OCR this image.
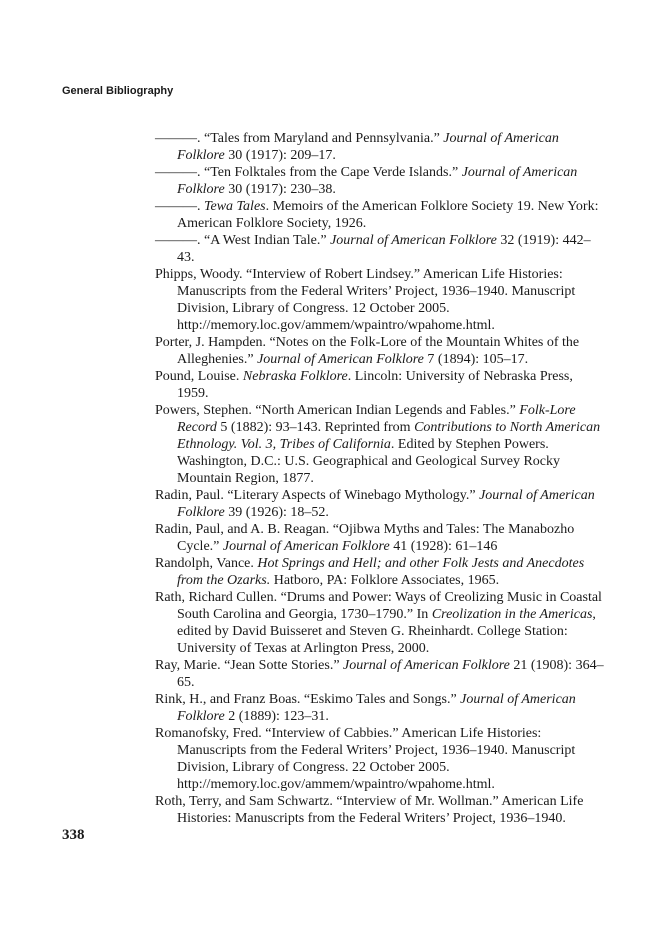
General Bibliography

———. “Tales from Maryland and Pennsylvania.” Journal of American Folklore 30 (1917): 209–17.

———. “Ten Folktales from the Cape Verde Islands.” Journal of American Folklore 30 (1917): 230–38.

———. Tewa Tales. Memoirs of the American Folklore Society 19. New York: American Folklore Society, 1926.

———. “A West Indian Tale.” Journal of American Folklore 32 (1919): 442–43.

Phipps, Woody. “Interview of Robert Lindsey.” American Life Histories: Manuscripts from the Federal Writers’ Project, 1936–1940. Manuscript Division, Library of Congress. 12 October 2005. http://memory.loc.gov/ammem/wpaintro/wpahome.html.

Porter, J. Hampden. “Notes on the Folk-Lore of the Mountain Whites of the Alleghenies.” Journal of American Folklore 7 (1894): 105–17.

Pound, Louise. Nebraska Folklore. Lincoln: University of Nebraska Press, 1959.

Powers, Stephen. “North American Indian Legends and Fables.” Folk-Lore Record 5 (1882): 93–143. Reprinted from Contributions to North American Ethnology. Vol. 3, Tribes of California. Edited by Stephen Powers. Washington, D.C.: U.S. Geographical and Geological Survey Rocky Mountain Region, 1877.

Radin, Paul. “Literary Aspects of Winebago Mythology.” Journal of American Folklore 39 (1926): 18–52.

Radin, Paul, and A. B. Reagan. “Ojibwa Myths and Tales: The Manabozho Cycle.” Journal of American Folklore 41 (1928): 61–146

Randolph, Vance. Hot Springs and Hell; and other Folk Jests and Anecdotes from the Ozarks. Hatboro, PA: Folklore Associates, 1965.

Rath, Richard Cullen. “Drums and Power: Ways of Creolizing Music in Coastal South Carolina and Georgia, 1730–1790.” In Creolization in the Americas, edited by David Buisseret and Steven G. Rheinhardt. College Station: University of Texas at Arlington Press, 2000.

Ray, Marie. “Jean Sotte Stories.” Journal of American Folklore 21 (1908): 364–65.

Rink, H., and Franz Boas. “Eskimo Tales and Songs.” Journal of American Folklore 2 (1889): 123–31.

Romanofsky, Fred. “Interview of Cabbies.” American Life Histories: Manuscripts from the Federal Writers’ Project, 1936–1940. Manuscript Division, Library of Congress. 22 October 2005. http://memory.loc.gov/ammem/wpaintro/wpahome.html.

Roth, Terry, and Sam Schwartz. “Interview of Mr. Wollman.” American Life Histories: Manuscripts from the Federal Writers’ Project, 1936–1940.

338
